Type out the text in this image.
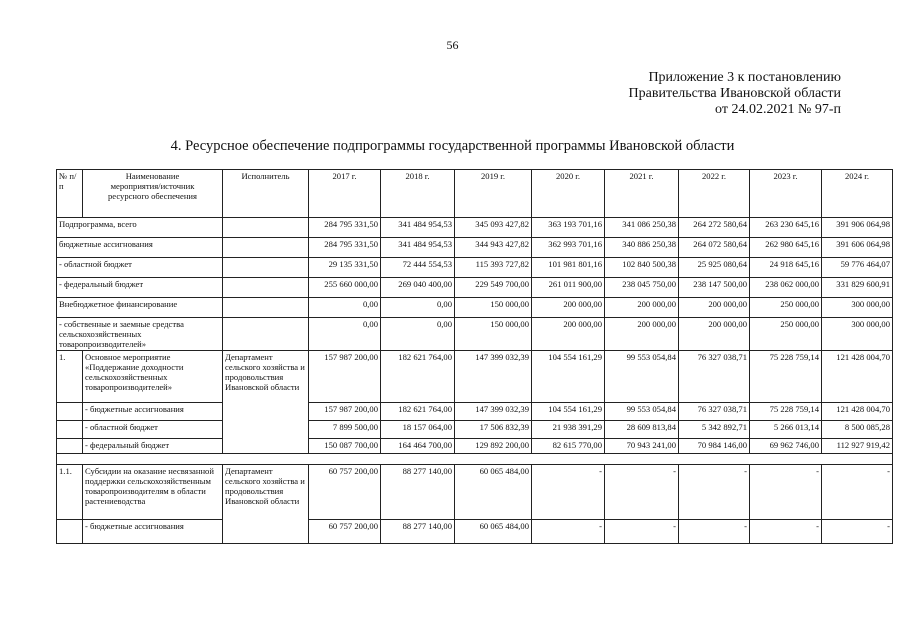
56
Приложение 3 к постановлению
Правительства Ивановской области
от 24.02.2021 № 97-п
4. Ресурсное обеспечение подпрограммы государственной программы Ивановской области
№ п/п	Наименование мероприятия/источник ресурсного обеспечения	Исполнитель	2017 г.	2018 г.	2019 г.	2020 г.	2021 г.	2022 г.	2023 г.	2024 г.
Подпрограмма, всего			284 795 331,50	341 484 954,53	345 093 427,82	363 193 701,16	341 086 250,38	264 272 580,64	263 230 645,16	391 906 064,98
бюджетные ассигнования			284 795 331,50	341 484 954,53	344 943 427,82	362 993 701,16	340 886 250,38	264 072 580,64	262 980 645,16	391 606 064,98
- областной бюджет			29 135 331,50	72 444 554,53	115 393 727,82	101 981 801,16	102 840 500,38	25 925 080,64	24 918 645,16	59 776 464,07
- федеральный бюджет			255 660 000,00	269 040 400,00	229 549 700,00	261 011 900,00	238 045 750,00	238 147 500,00	238 062 000,00	331 829 600,91
Внебюджетное финансирование			0,00	0,00	150 000,00	200 000,00	200 000,00	200 000,00	250 000,00	300 000,00
- собственные и заемные средства сельскохозяйственных товаропроизводителей»			0,00	0,00	150 000,00	200 000,00	200 000,00	200 000,00	250 000,00	300 000,00
1.	Основное мероприятие «Поддержание доходности сельскохозяйственных товаропроизводителей»	Департамент сельского хозяйства и продовольствия Ивановской области	157 987 200,00	182 621 764,00	147 399 032,39	104 554 161,29	99 553 054,84	76 327 038,71	75 228 759,14	121 428 004,70
	- бюджетные ассигнования		157 987 200,00	182 621 764,00	147 399 032,39	104 554 161,29	99 553 054,84	76 327 038,71	75 228 759,14	121 428 004,70
	- областной бюджет		7 899 500,00	18 157 064,00	17 506 832,39	21 938 391,29	28 609 813,84	5 342 892,71	5 266 013,14	8 500 085,28
	- федеральный бюджет		150 087 700,00	164 464 700,00	129 892 200,00	82 615 770,00	70 943 241,00	70 984 146,00	69 962 746,00	112 927 919,42

1.1.	Субсидии на оказание несвязанной поддержки сельскохозяйственным товаропроизводителям в области растениеводства	Департамент сельского хозяйства и продовольствия Ивановской области	60 757 200,00	88 277 140,00	60 065 484,00	-	-	-	-	-
	- бюджетные ассигнования		60 757 200,00	88 277 140,00	60 065 484,00	-	-	-	-	-
